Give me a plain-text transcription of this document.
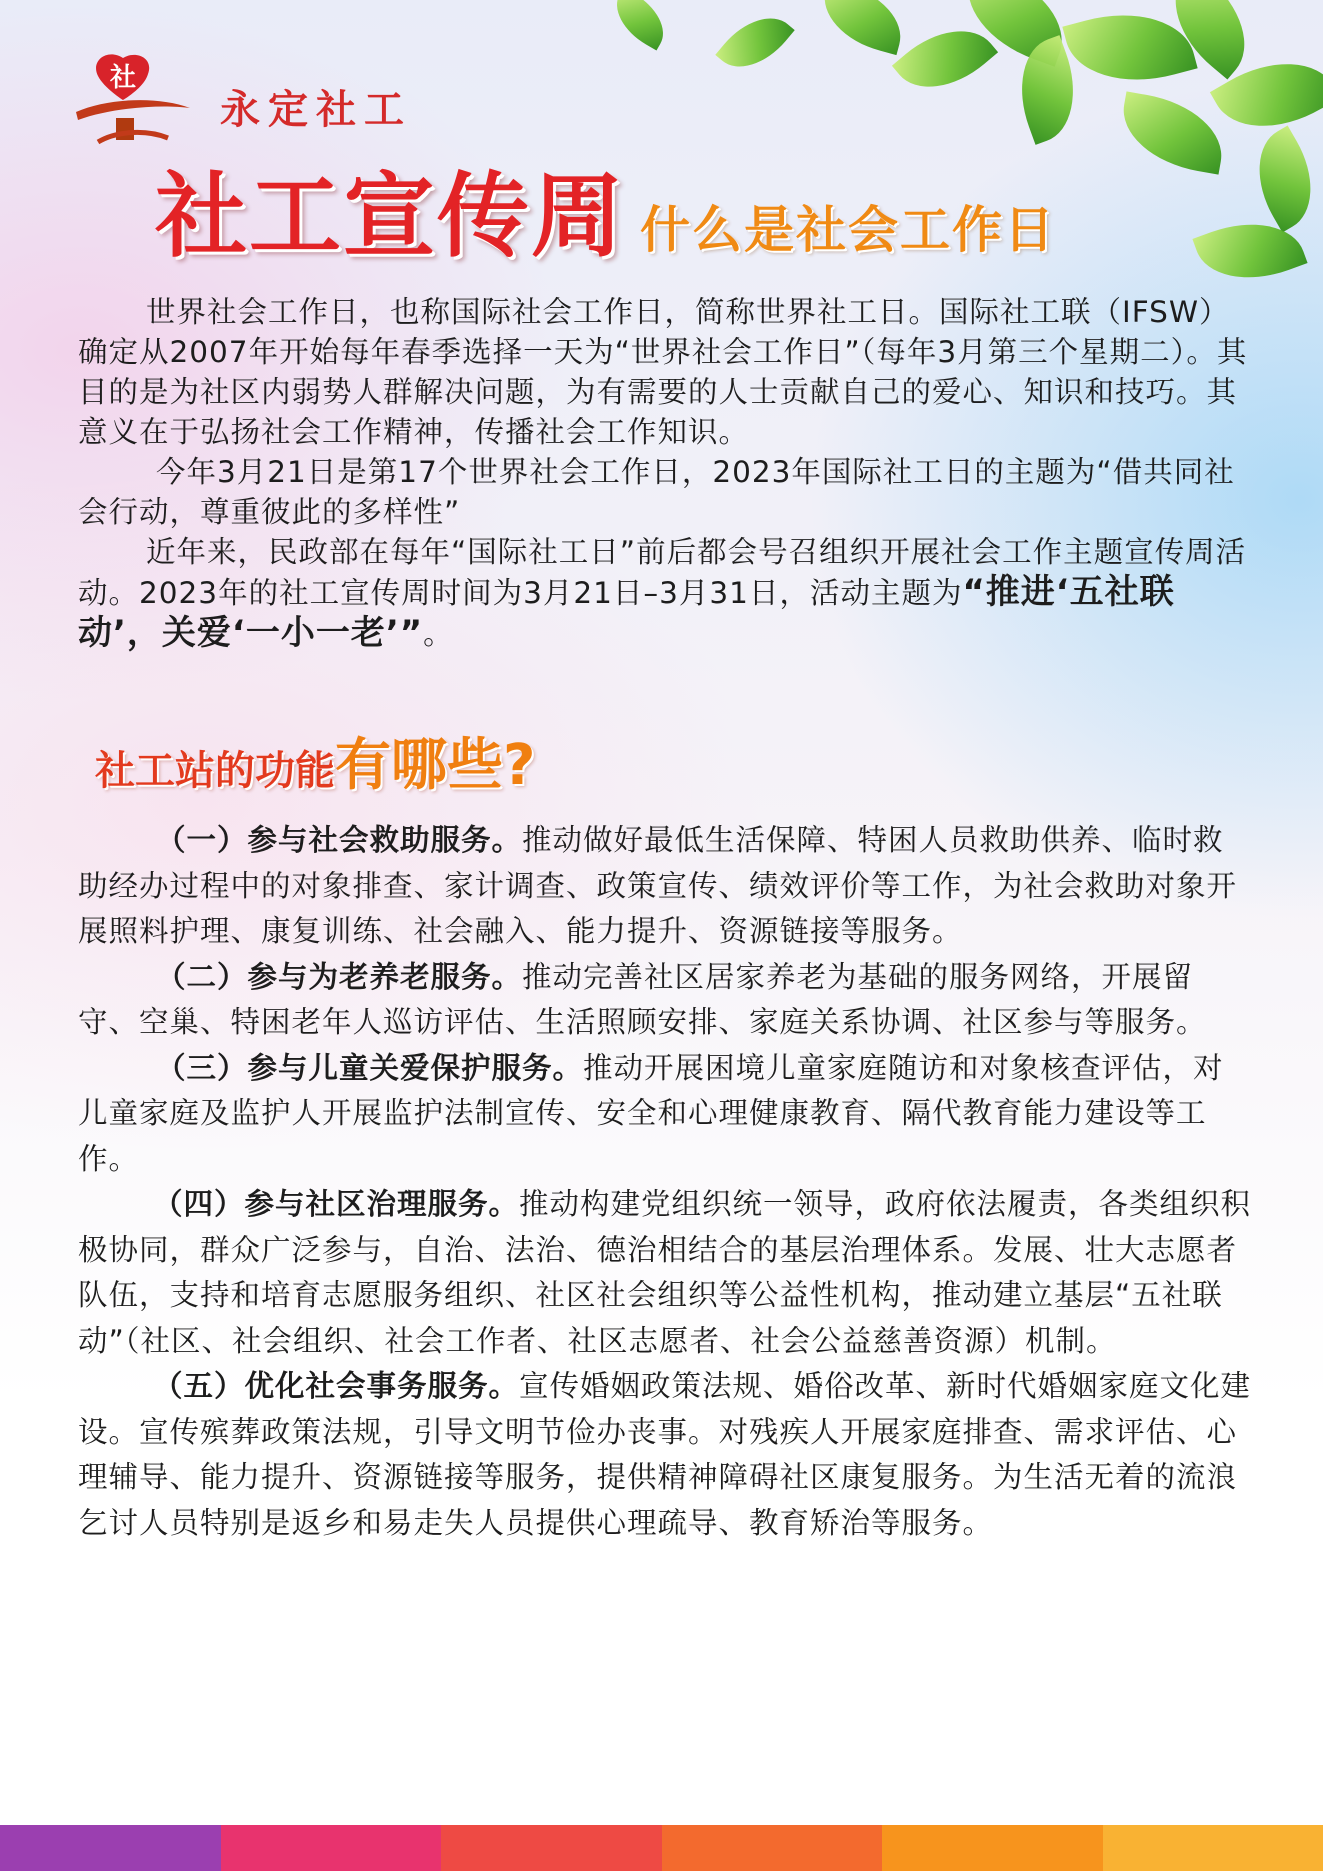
社
永定社工
社工宣传周 什么是社会工作日

世界社会工作日，也称国际社会工作日，简称世界社工日。国际社工联（IFSW）确定从2007年开始每年春季选择一天为“世界社会工作日”（每年3月第三个星期二）。其目的是为社区内弱势人群解决问题，为有需要的人士贡献自己的爱心、知识和技巧。其意义在于弘扬社会工作精神，传播社会工作知识。

今年3月21日是第17个世界社会工作日，2023年国际社工日的主题为“借共同社会行动，尊重彼此的多样性”

近年来，民政部在每年“国际社工日”前后都会号召组织开展社会工作主题宣传周活动。2023年的社工宣传周时间为3月21日–3月31日，活动主题为“推进‘五社联动’，关爱‘一小一老’”。

社工站的功能有哪些?

（一）参与社会救助服务。推动做好最低生活保障、特困人员救助供养、临时救助经办过程中的对象排查、家计调查、政策宣传、绩效评价等工作，为社会救助对象开展照料护理、康复训练、社会融入、能力提升、资源链接等服务。

（二）参与为老养老服务。推动完善社区居家养老为基础的服务网络，开展留守、空巢、特困老年人巡访评估、生活照顾安排、家庭关系协调、社区参与等服务。

（三）参与儿童关爱保护服务。推动开展困境儿童家庭随访和对象核查评估，对儿童家庭及监护人开展监护法制宣传、安全和心理健康教育、隔代教育能力建设等工作。

（四）参与社区治理服务。推动构建党组织统一领导，政府依法履责，各类组织积极协同，群众广泛参与，自治、法治、德治相结合的基层治理体系。发展、壮大志愿者队伍，支持和培育志愿服务组织、社区社会组织等公益性机构，推动建立基层“五社联动”（社区、社会组织、社会工作者、社区志愿者、社会公益慈善资源）机制。

（五）优化社会事务服务。宣传婚姻政策法规、婚俗改革、新时代婚姻家庭文化建设。宣传殡葬政策法规，引导文明节俭办丧事。对残疾人开展家庭排查、需求评估、心理辅导、能力提升、资源链接等服务，提供精神障碍社区康复服务。为生活无着的流浪乞讨人员特别是返乡和易走失人员提供心理疏导、教育矫治等服务。
